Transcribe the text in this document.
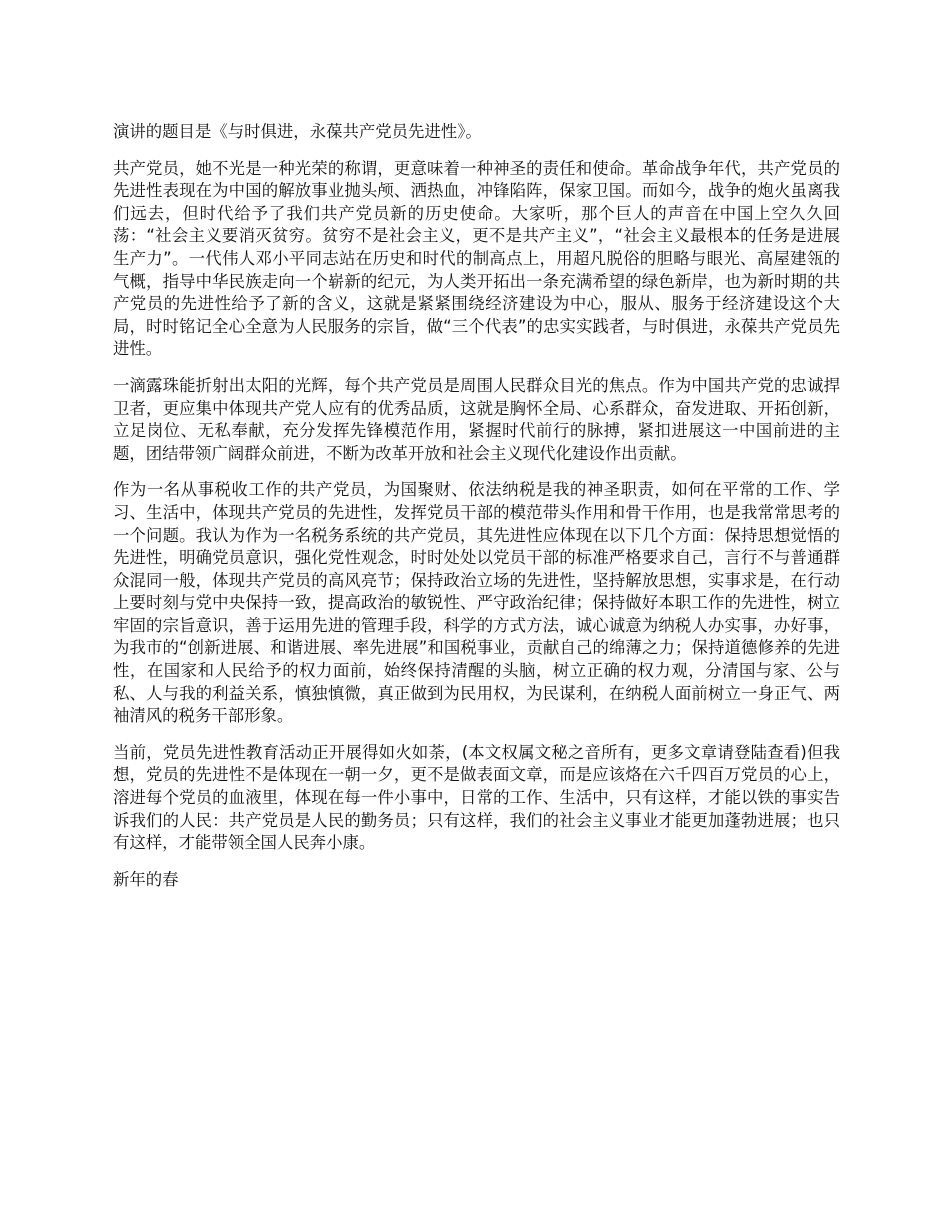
演讲的题目是《与时俱进，永葆共产党员先进性》。

共产党员，她不光是一种光荣的称谓，更意味着一种神圣的责任和使命。革命战争年代，共产党员的先进性表现在为中国的解放事业抛头颅、洒热血，冲锋陷阵，保家卫国。而如今，战争的炮火虽离我们远去，但时代给予了我们共产党员新的历史使命。大家听，那个巨人的声音在中国上空久久回荡：“社会主义要消灭贫穷。贫穷不是社会主义，更不是共产主义”，“社会主义最根本的任务是进展生产力”。一代伟人邓小平同志站在历史和时代的制高点上，用超凡脱俗的胆略与眼光、高屋建瓴的气概，指导中华民族走向一个崭新的纪元，为人类开拓出一条充满希望的绿色新岸，也为新时期的共产党员的先进性给予了新的含义，这就是紧紧围绕经济建设为中心，服从、服务于经济建设这个大局，时时铭记全心全意为人民服务的宗旨，做“三个代表”的忠实实践者，与时俱进，永葆共产党员先进性。

一滴露珠能折射出太阳的光辉，每个共产党员是周围人民群众目光的焦点。作为中国共产党的忠诚捍卫者，更应集中体现共产党人应有的优秀品质，这就是胸怀全局、心系群众，奋发进取、开拓创新，立足岗位、无私奉献，充分发挥先锋模范作用，紧握时代前行的脉搏，紧扣进展这一中国前进的主题，团结带领广阔群众前进，不断为改革开放和社会主义现代化建设作出贡献。

作为一名从事税收工作的共产党员，为国聚财、依法纳税是我的神圣职责，如何在平常的工作、学习、生活中，体现共产党员的先进性，发挥党员干部的模范带头作用和骨干作用，也是我常常思考的一个问题。我认为作为一名税务系统的共产党员，其先进性应体现在以下几个方面：保持思想觉悟的先进性，明确党员意识，强化党性观念，时时处处以党员干部的标准严格要求自己，言行不与普通群众混同一般，体现共产党员的高风亮节；保持政治立场的先进性，坚持解放思想，实事求是，在行动上要时刻与党中央保持一致，提高政治的敏锐性、严守政治纪律；保持做好本职工作的先进性，树立牢固的宗旨意识，善于运用先进的管理手段，科学的方式方法，诚心诚意为纳税人办实事，办好事，为我市的“创新进展、和谐进展、率先进展”和国税事业，贡献自己的绵薄之力；保持道德修养的先进性，在国家和人民给予的权力面前，始终保持清醒的头脑，树立正确的权力观，分清国与家、公与私、人与我的利益关系，慎独慎微，真正做到为民用权，为民谋利，在纳税人面前树立一身正气、两袖清风的税务干部形象。

当前，党员先进性教育活动正开展得如火如荼，(本文权属文秘之音所有，更多文章请登陆查看)但我想，党员的先进性不是体现在一朝一夕，更不是做表面文章，而是应该烙在六千四百万党员的心上，溶进每个党员的血液里，体现在每一件小事中，日常的工作、生活中，只有这样，才能以铁的事实告诉我们的人民：共产党员是人民的勤务员；只有这样，我们的社会主义事业才能更加蓬勃进展；也只有这样，才能带领全国人民奔小康。

新年的春
